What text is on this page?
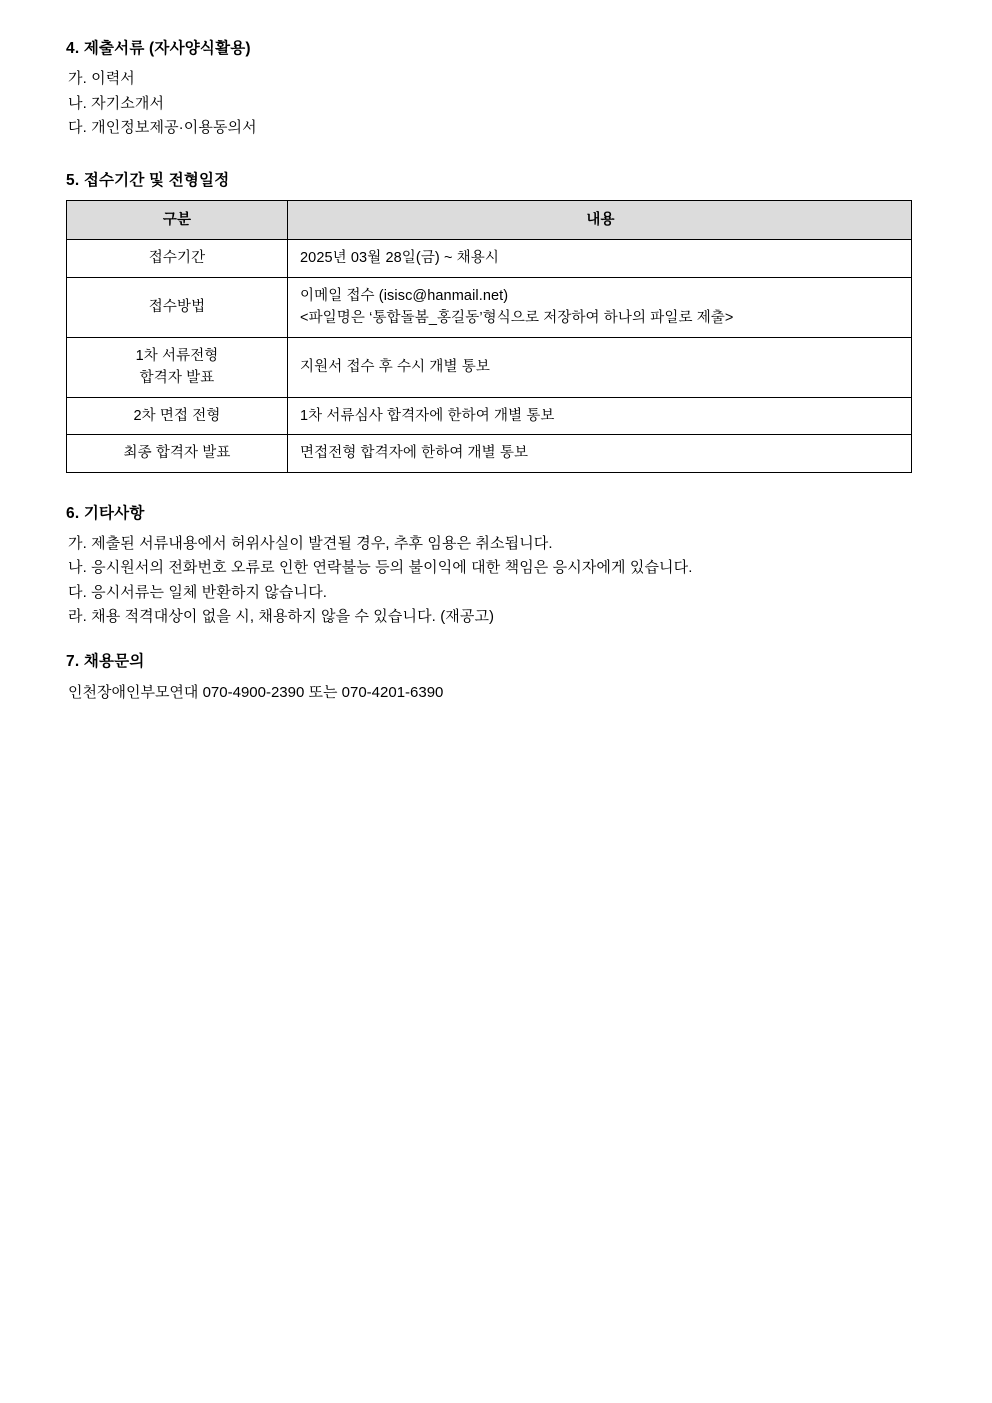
4. 제출서류 (자사양식활용)

가. 이력서

나. 자기소개서

다. 개인정보제공·이용동의서

5. 접수기간 및 전형일정

구분	내용
접수기간	2025년 03월 28일(금) ~ 채용시
접수방법	이메일 접수 (isisc@hanmail.net)
<파일명은 ‘통합돌봄_홍길동’형식으로 저장하여 하나의 파일로 제출>

1차 서류전형
합격자 발표	지원서 접수 후 수시 개별 통보
2차 면접 전형	1차 서류심사 합격자에 한하여 개별 통보
최종 합격자 발표	면접전형 합격자에 한하여 개별 통보

6. 기타사항

가. 제출된 서류내용에서 허위사실이 발견될 경우, 추후 임용은 취소됩니다.

나. 응시원서의 전화번호 오류로 인한 연락불능 등의 불이익에 대한 책임은 응시자에게 있습니다.

다. 응시서류는 일체 반환하지 않습니다.

라. 채용 적격대상이 없을 시, 채용하지 않을 수 있습니다. (재공고)

7. 채용문의

인천장애인부모연대 070-4900-2390 또는 070-4201-6390
